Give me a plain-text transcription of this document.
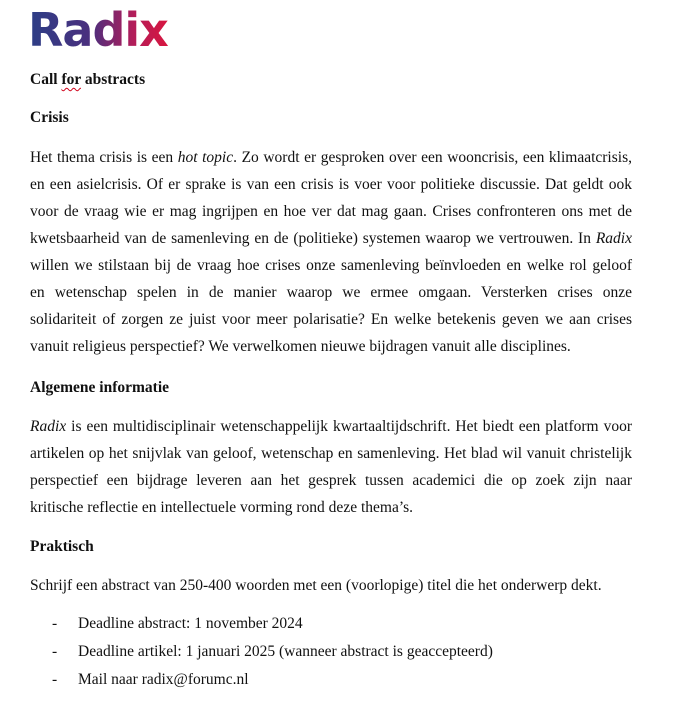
Radix

Call for abstracts

Crisis

Het thema crisis is een hot topic. Zo wordt er gesproken over een wooncrisis, een klimaatcrisis,
en een asielcrisis. Of er sprake is van een crisis is voer voor politieke discussie. Dat geldt ook
voor de vraag wie er mag ingrijpen en hoe ver dat mag gaan. Crises confronteren ons met de
kwetsbaarheid van de samenleving en de (politieke) systemen waarop we vertrouwen. In Radix
willen we stilstaan bij de vraag hoe crises onze samenleving beïnvloeden en welke rol geloof
en wetenschap spelen in de manier waarop we ermee omgaan. Versterken crises onze
solidariteit of zorgen ze juist voor meer polarisatie? En welke betekenis geven we aan crises
vanuit religieus perspectief? We verwelkomen nieuwe bijdragen vanuit alle disciplines.

Algemene informatie

Radix is een multidisciplinair wetenschappelijk kwartaaltijdschrift. Het biedt een platform voor
artikelen op het snijvlak van geloof, wetenschap en samenleving. Het blad wil vanuit christelijk
perspectief een bijdrage leveren aan het gesprek tussen academici die op zoek zijn naar
kritische reflectie en intellectuele vorming rond deze thema’s.

Praktisch

Schrijf een abstract van 250-400 woorden met een (voorlopige) titel die het onderwerp dekt.

- Deadline abstract: 1 november 2024
- Deadline artikel: 1 januari 2025 (wanneer abstract is geaccepteerd)
- Mail naar radix@forumc.nl
